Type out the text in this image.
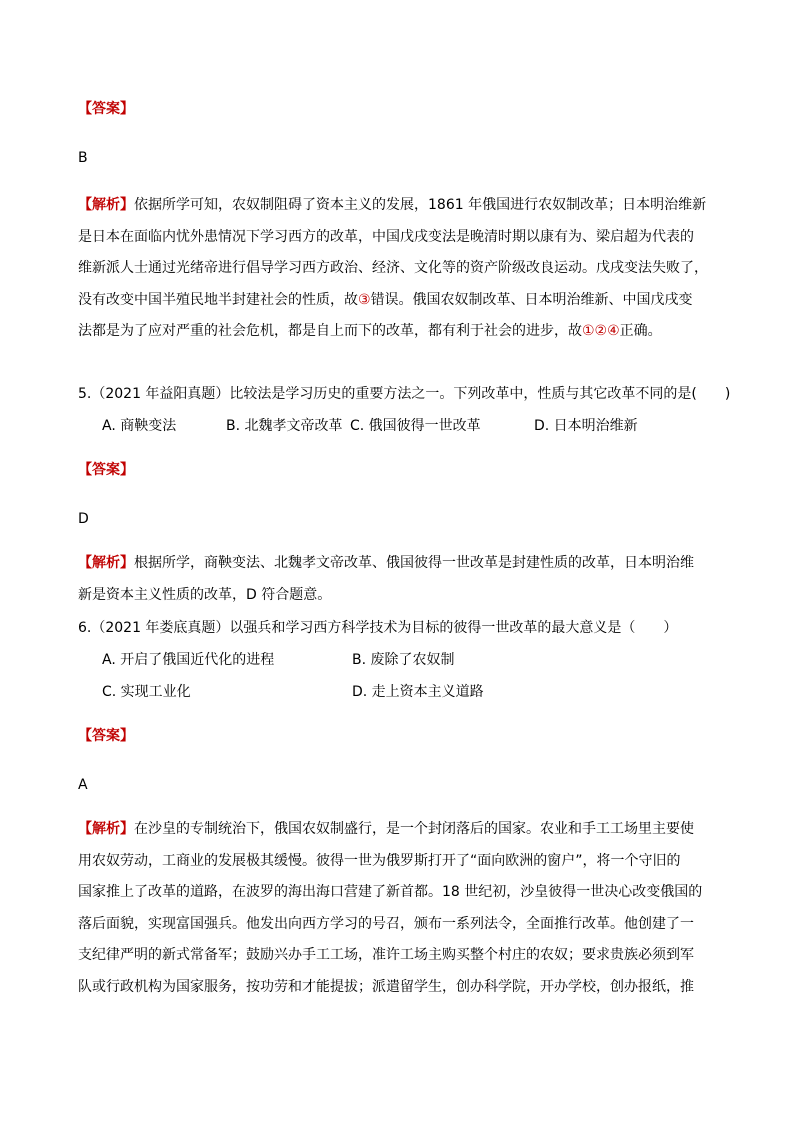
【答案】
B
【解析】依据所学可知，农奴制阻碍了资本主义的发展，1861 年俄国进行农奴制改革；日本明治维新
是日本在面临内忧外患情况下学习西方的改革，中国戊戌变法是晚清时期以康有为、梁启超为代表的
维新派人士通过光绪帝进行倡导学习西方政治、经济、文化等的资产阶级改良运动。戊戌变法失败了，
没有改变中国半殖民地半封建社会的性质，故③错误。俄国农奴制改革、日本明治维新、中国戊戌变
法都是为了应对严重的社会危机，都是自上而下的改革，都有利于社会的进步，故①②④正确。
5.（2021 年益阳真题）比较法是学习历史的重要方法之一。下列改革中，性质与其它改革不同的是(　　)
A. 商鞅变法	B. 北魏孝文帝改革 C. 俄国彼得一世改革	D. 日本明治维新
【答案】
D
【解析】根据所学，商鞅变法、北魏孝文帝改革、俄国彼得一世改革是封建性质的改革，日本明治维
新是资本主义性质的改革，D 符合题意。
6.（2021 年娄底真题）以强兵和学习西方科学技术为目标的彼得一世改革的最大意义是（　　）
A. 开启了俄国近代化的进程	B. 废除了农奴制
C. 实现工业化	D. 走上资本主义道路
【答案】
A
【解析】在沙皇的专制统治下，俄国农奴制盛行，是一个封闭落后的国家。农业和手工工场里主要使
用农奴劳动，工商业的发展极其缓慢。彼得一世为俄罗斯打开了“面向欧洲的窗户”，将一个守旧的
国家推上了改革的道路，在波罗的海出海口营建了新首都。18 世纪初，沙皇彼得一世决心改变俄国的
落后面貌，实现富国强兵。他发出向西方学习的号召，颁布一系列法令，全面推行改革。他创建了一
支纪律严明的新式常备军；鼓励兴办手工工场，准许工场主购买整个村庄的农奴；要求贵族必须到军
队或行政机构为国家服务，按功劳和才能提拔；派遣留学生，创办科学院，开办学校，创办报纸，推
